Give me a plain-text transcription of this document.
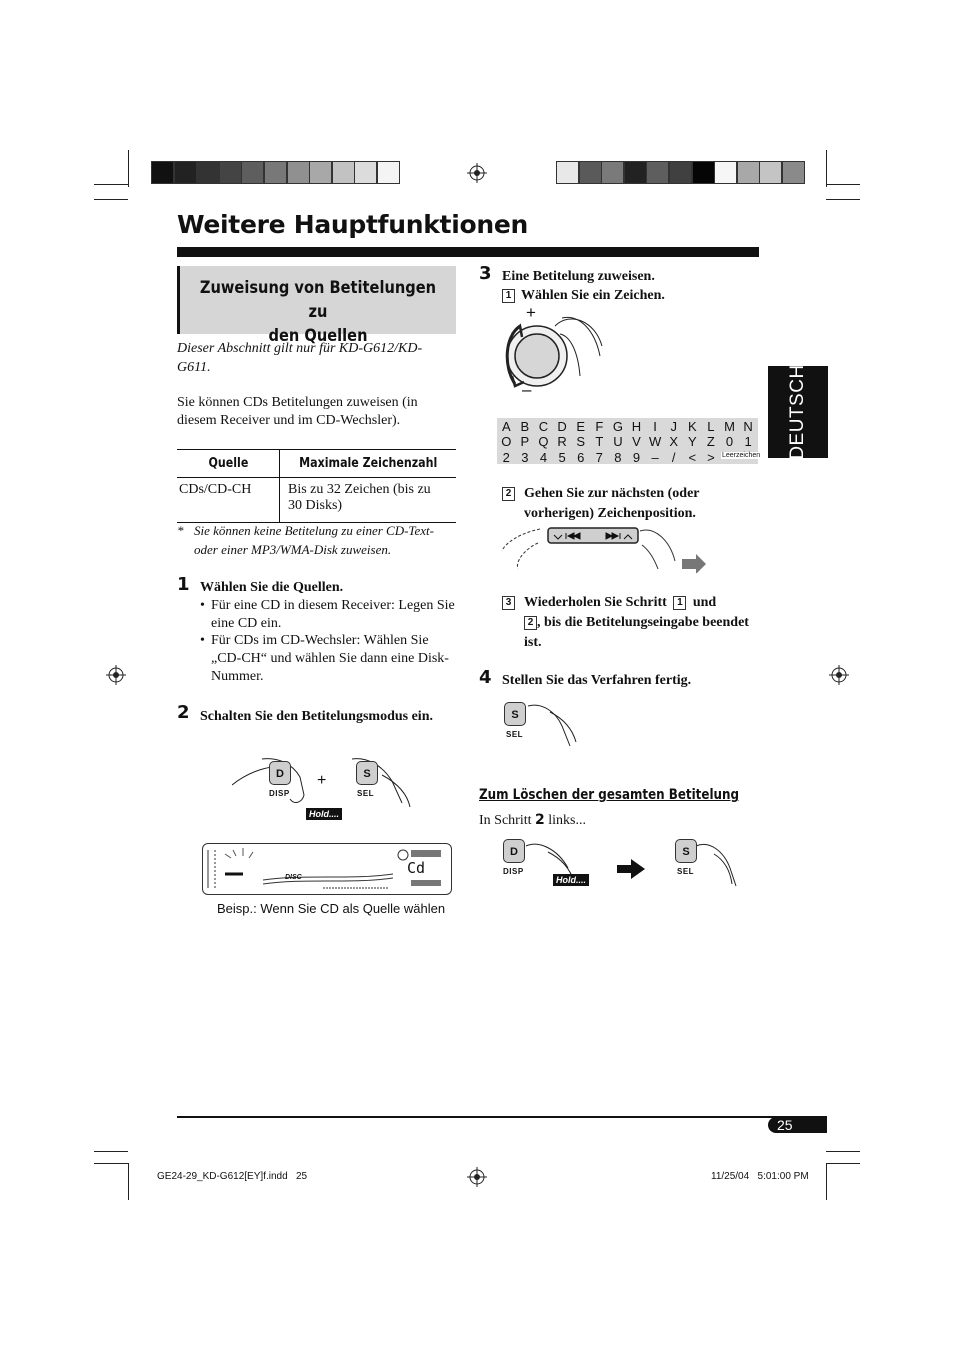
Weitere Hauptfunktionen
Zuweisung von Betitelungen zu
den Quellen
DEUTSCH
Dieser Abschnitt gilt nur für KD-G612/KD-G611.
Sie können CDs Betitelungen zuweisen (in diesem Receiver und im CD-Wechsler).
Quelle	Maximale Zeichenzahl
CDs/CD-CH	Bis zu 32 Zeichen (bis zu 30 Disks)
* Sie können keine Betitelung zu einer CD-Text- oder einer MP3/WMA-Disk zuweisen.
1 Wählen Sie die Quellen.
• Für eine CD in diesem Receiver: Legen Sie eine CD ein.
• Für CDs im CD-Wechsler: Wählen Sie „CD-CH“ und wählen Sie dann eine Disk-Nummer.
2 Schalten Sie den Betitelungsmodus ein.
D
DISP
+	S
SEL
Hold....
Cd
DISC
Beisp.: Wenn Sie CD als Quelle wählen
3 Eine Betitelung zuweisen.
1 Wählen Sie ein Zeichen.
+
–
A B C D E F G H I	J K L M N
O P Q R S T U V W X Y Z 0 1
2 3 4 5 6 7 8 9 –	/	< >	Leerzeichen
2 Gehen Sie zur nächsten (oder vorherigen) Zeichenposition.
3 Wiederholen Sie Schritt 1 und
2 , bis die Betitelungseingabe beendet ist.
4 Stellen Sie das Verfahren fertig.
S
SEL
Zum Löschen der gesamten Betitelung
In Schritt 2 links...
D
DISP
Hold....
S
SEL
25
GE24-29_KD-G612[EY]f.indd   25	11/25/04   5:01:00 PM
